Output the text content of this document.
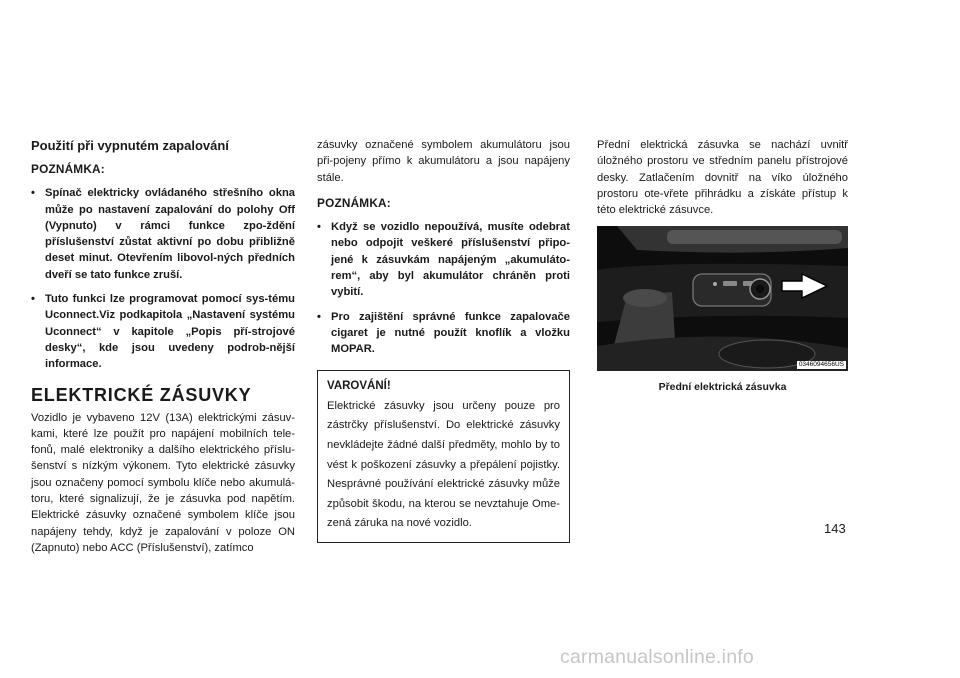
Použití při vypnutém zapalování
POZNÁMKA:
• Spínač elektricky ovládaného střešního okna může po nastavení zapalování do polohy Off (Vypnuto) v rámci funkce zpo-ždění příslušenství zůstat aktivní po dobu přibližně deset minut. Otevřením libovol-ných předních dveří se tato funkce zruší.
• Tuto funkci lze programovat pomocí sys-tému Uconnect.Viz podkapitola „Nastavení systému Uconnect“ v kapitole „Popis pří-strojové desky“, kde jsou uvedeny podrob-nější informace.
ELEKTRICKÉ ZÁSUVKY

Vozidlo je vybaveno 12V (13A) elektrickými zásuv-kami, které lze použít pro napájení mobilních tele-fonů, malé elektroniky a dalšího elektrického příslu-šenství s nízkým výkonem. Tyto elektrické zásuvky jsou označeny pomocí symbolu klíče nebo akumulá-toru, které signalizují, že je zásuvka pod napětím. Elektrické zásuvky označené symbolem klíče jsou napájeny tehdy, když je zapalování v poloze ON (Zapnuto) nebo ACC (Příslušenství), zatímco

zásuvky označené symbolem akumulátoru jsou při-pojeny přímo k akumulátoru a jsou napájeny stále.

POZNÁMKA:
• Když se vozidlo nepoužívá, musíte odebrat nebo odpojit veškeré příslušenství připo-jené k zásuvkám napájeným „akumuláto-rem“, aby byl akumulátor chráněn proti vybití.
• Pro zajištění správné funkce zapalovače cigaret je nutné použít knoflík a vložku MOPAR.
VAROVÁNÍ!

Elektrické zásuvky jsou určeny pouze pro zástrčky příslušenství. Do elektrické zásuvky nevkládejte žádné další předměty, mohlo by to vést k poškození zásuvky a přepálení pojistky. Nesprávné používání elektrické zásuvky může způsobit škodu, na kterou se nevztahuje Ome-zená záruka na nové vozidlo.

Přední elektrická zásuvka se nachází uvnitř úložného prostoru ve středním panelu přístrojové desky. Zatlačením dovnitř na víko úložného prostoru ote-vřete přihrádku a získáte přístup k této elektrické zásuvce.

0346094656US
Přední elektrická zásuvka
143
carmanualsonline.info
